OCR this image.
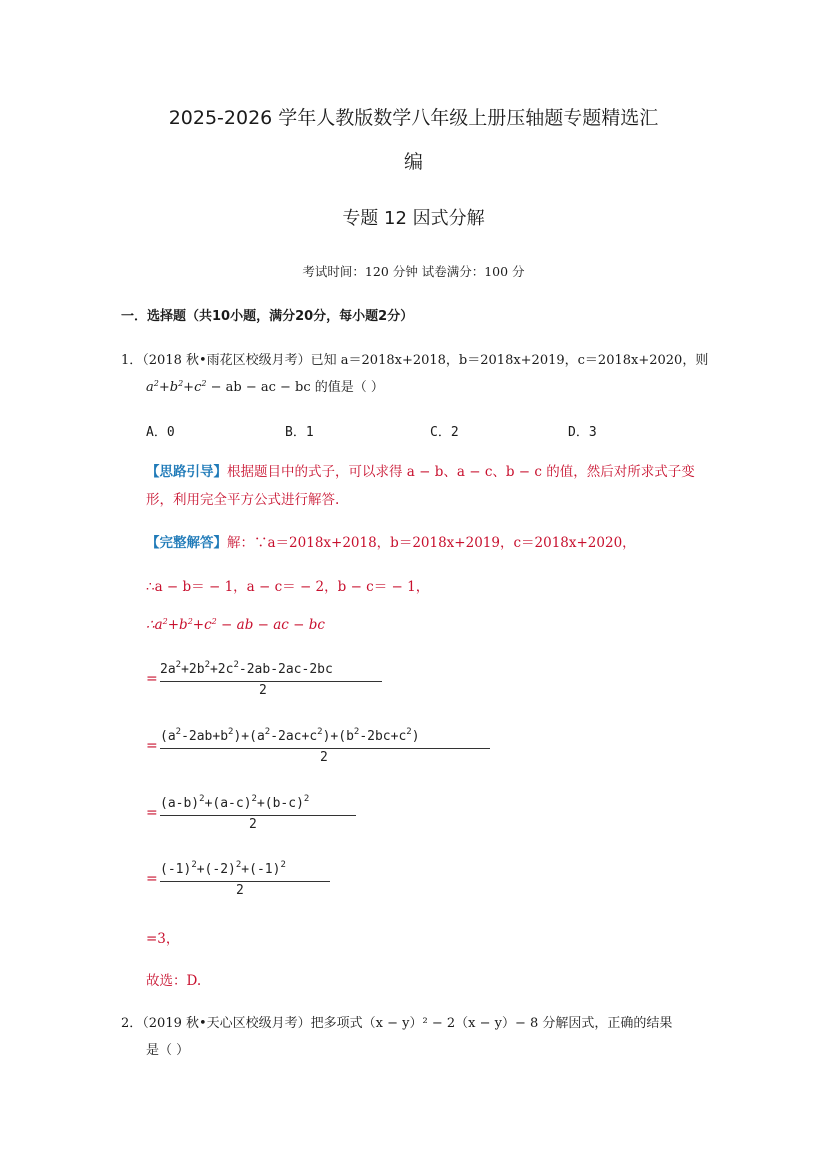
2025-2026 学年人教版数学八年级上册压轴题专题精选汇
编
专题 12 因式分解
考试时间：120 分钟 试卷满分：100 分
一．选择题（共10小题，满分20分，每小题2分）
1．（2018 秋•雨花区校级月考）已知 a＝2018x+2018，b＝2018x+2019，c＝2018x+2020，则
$a^2+b^2+c^2$ − ab − ac − bc 的值是（ ）
A．0	B．1	C．2	D．3
【思路引导】根据题目中的式子，可以求得 a − b、a − c、b − c 的值，然后对所求式子变
形，利用完全平方公式进行解答.
【完整解答】解：∵a＝2018x+2018，b＝2018x+2019，c＝2018x+2020，
∴a − b＝ − 1，a − c＝ − 2，b − c＝ − 1，
$\therefore a^2+b^2+c^2$ − ab − ac − bc
=
$2a^2+2b^2+2c^2-2ab-2ac-2bc$
2
=
$(a^2-2ab+b^2)+(a^2-2ac+c^2)+(b^2-2bc+c^2)$
2
=
$(a-b)^2+(a-c)^2+(b-c)^2$
2
=
$(-1)^2+(-2)^2+(-1)^2$
2
=3，
故选：D.
2．（2019 秋•天心区校级月考）把多项式（x − y）² − 2（x − y）− 8 分解因式，正确的结果
是（ ）
